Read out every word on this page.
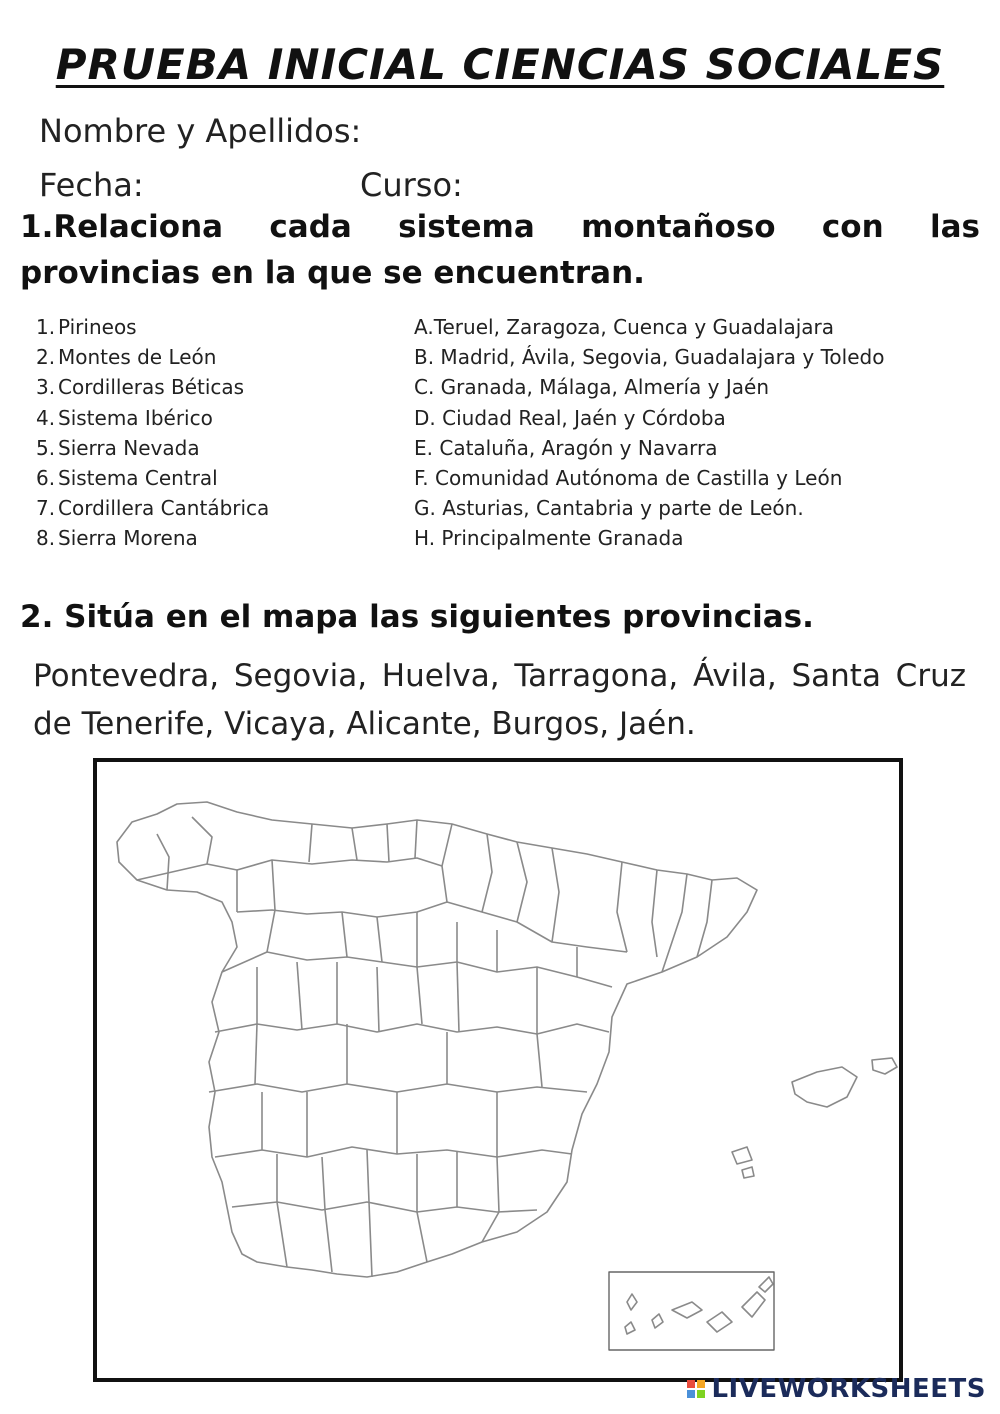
PRUEBA INICIAL CIENCIAS SOCIALES
Nombre y Apellidos:
Fecha:	Curso:
1.Relaciona cada sistema montañoso con las provincias en la que se encuentran.
1. Pirineos
2. Montes de León
3. Cordilleras Béticas
4. Sistema Ibérico
5. Sierra Nevada
6. Sistema Central
7. Cordillera Cantábrica
8. Sierra Morena
A.Teruel, Zaragoza, Cuenca y Guadalajara
B. Madrid, Ávila, Segovia, Guadalajara y Toledo
C. Granada, Málaga, Almería y Jaén
D. Ciudad Real, Jaén y Córdoba
E. Cataluña, Aragón y Navarra
F. Comunidad Autónoma de Castilla y León
G. Asturias, Cantabria y parte de León.
H. Principalmente Granada
2. Sitúa en el mapa las siguientes provincias.
Pontevedra, Segovia, Huelva, Tarragona, Ávila, Santa Cruz de Tenerife, Vicaya, Alicante, Burgos, Jaén.
LIVEWORKSHEETS
